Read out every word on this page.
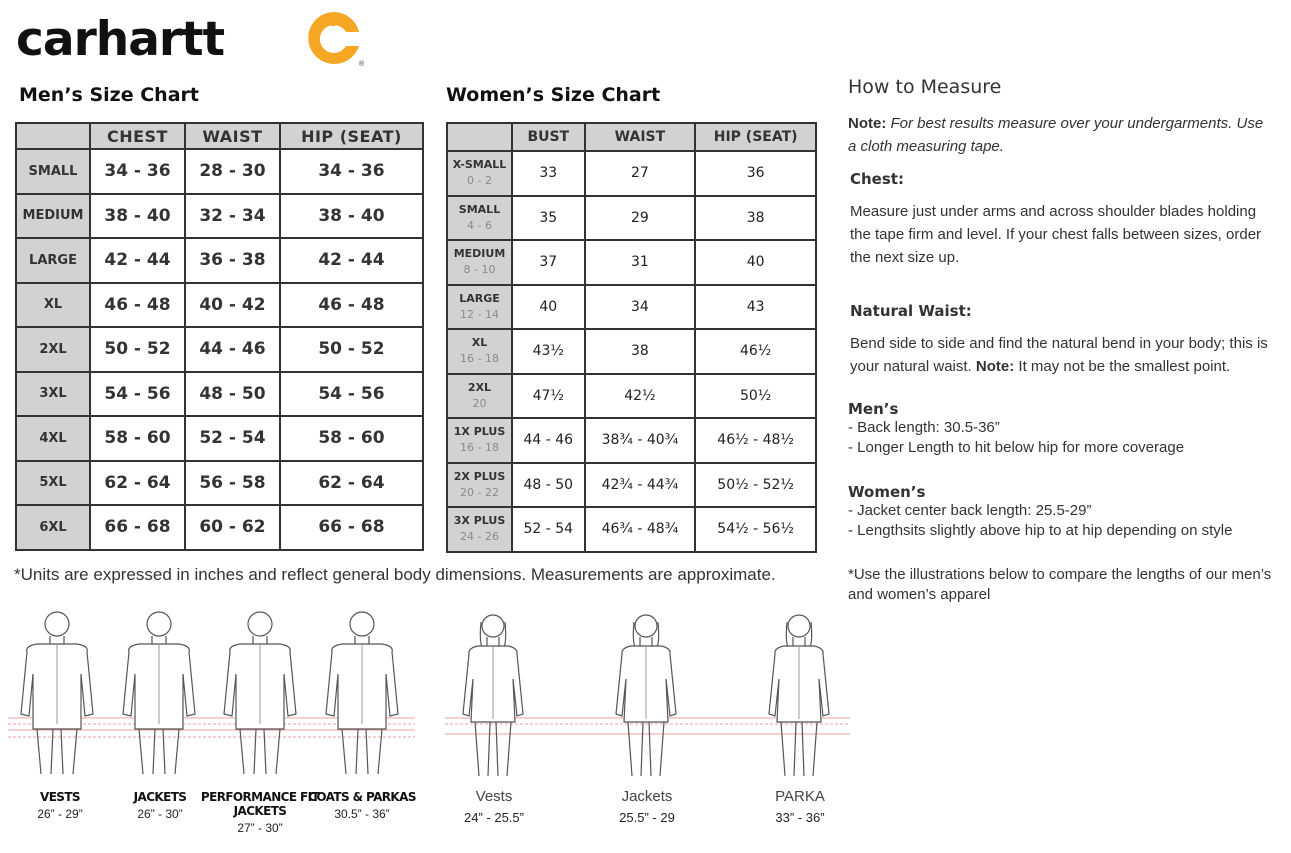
carhartt	®
Men’s Size Chart
	CHEST	WAIST	HIP (SEAT)
SMALL	34 - 36	28 - 30	34 - 36
MEDIUM	38 - 40	32 - 34	38 - 40
LARGE	42 - 44	36 - 38	42 - 44
XL	46 - 48	40 - 42	46 - 48
2XL	50 - 52	44 - 46	50 - 52
3XL	54 - 56	48 - 50	54 - 56
4XL	58 - 60	52 - 54	58 - 60
5XL	62 - 64	56 - 58	62 - 64
6XL	66 - 68	60 - 62	66 - 68
Women’s Size Chart
	BUST	WAIST	HIP (SEAT)
X-SMALL
0 - 2	33	27	36
SMALL
4 - 6	35	29	38
MEDIUM
8 - 10	37	31	40
LARGE
12 - 14	40	34	43
XL
16 - 18	43½	38	46½
2XL
20	47½	42½	50½
1X PLUS
16 - 18	44 - 46	38¾ - 40¾	46½ - 48½
2X PLUS
20 - 22	48 - 50	42¾ - 44¾	50½ - 52½
3X PLUS
24 - 26	52 - 54	46¾ - 48¾	54½ - 56½
*Units are expressed in inches and reflect general body dimensions. Measurements are approximate.
How to Measure
Note: For best results measure over your undergarments. Use a cloth measuring tape.
Chest:
Measure just under arms and across shoulder blades holding the tape firm and level. If your chest falls between sizes, order the next size up.
Natural Waist:
Bend side to side and find the natural bend in your body; this is your natural waist. Note: It may not be the smallest point.
Men’s
- Back length: 30.5-36”
- Longer Length to hit below hip for more coverage
Women’s
- Jacket center back length: 25.5-29”
- Lengthsits slightly above hip to at hip depending on style
*Use the illustrations below to compare the lengths of our men’s and women’s apparel
VESTS
26” - 29”
JACKETS
26” - 30”
PERFORMANCE FIT
JACKETS
27” - 30”
COATS & PARKAS
30.5” - 36”
Vests
24” - 25.5”
Jackets
25.5” - 29
PARKA
33” - 36”
